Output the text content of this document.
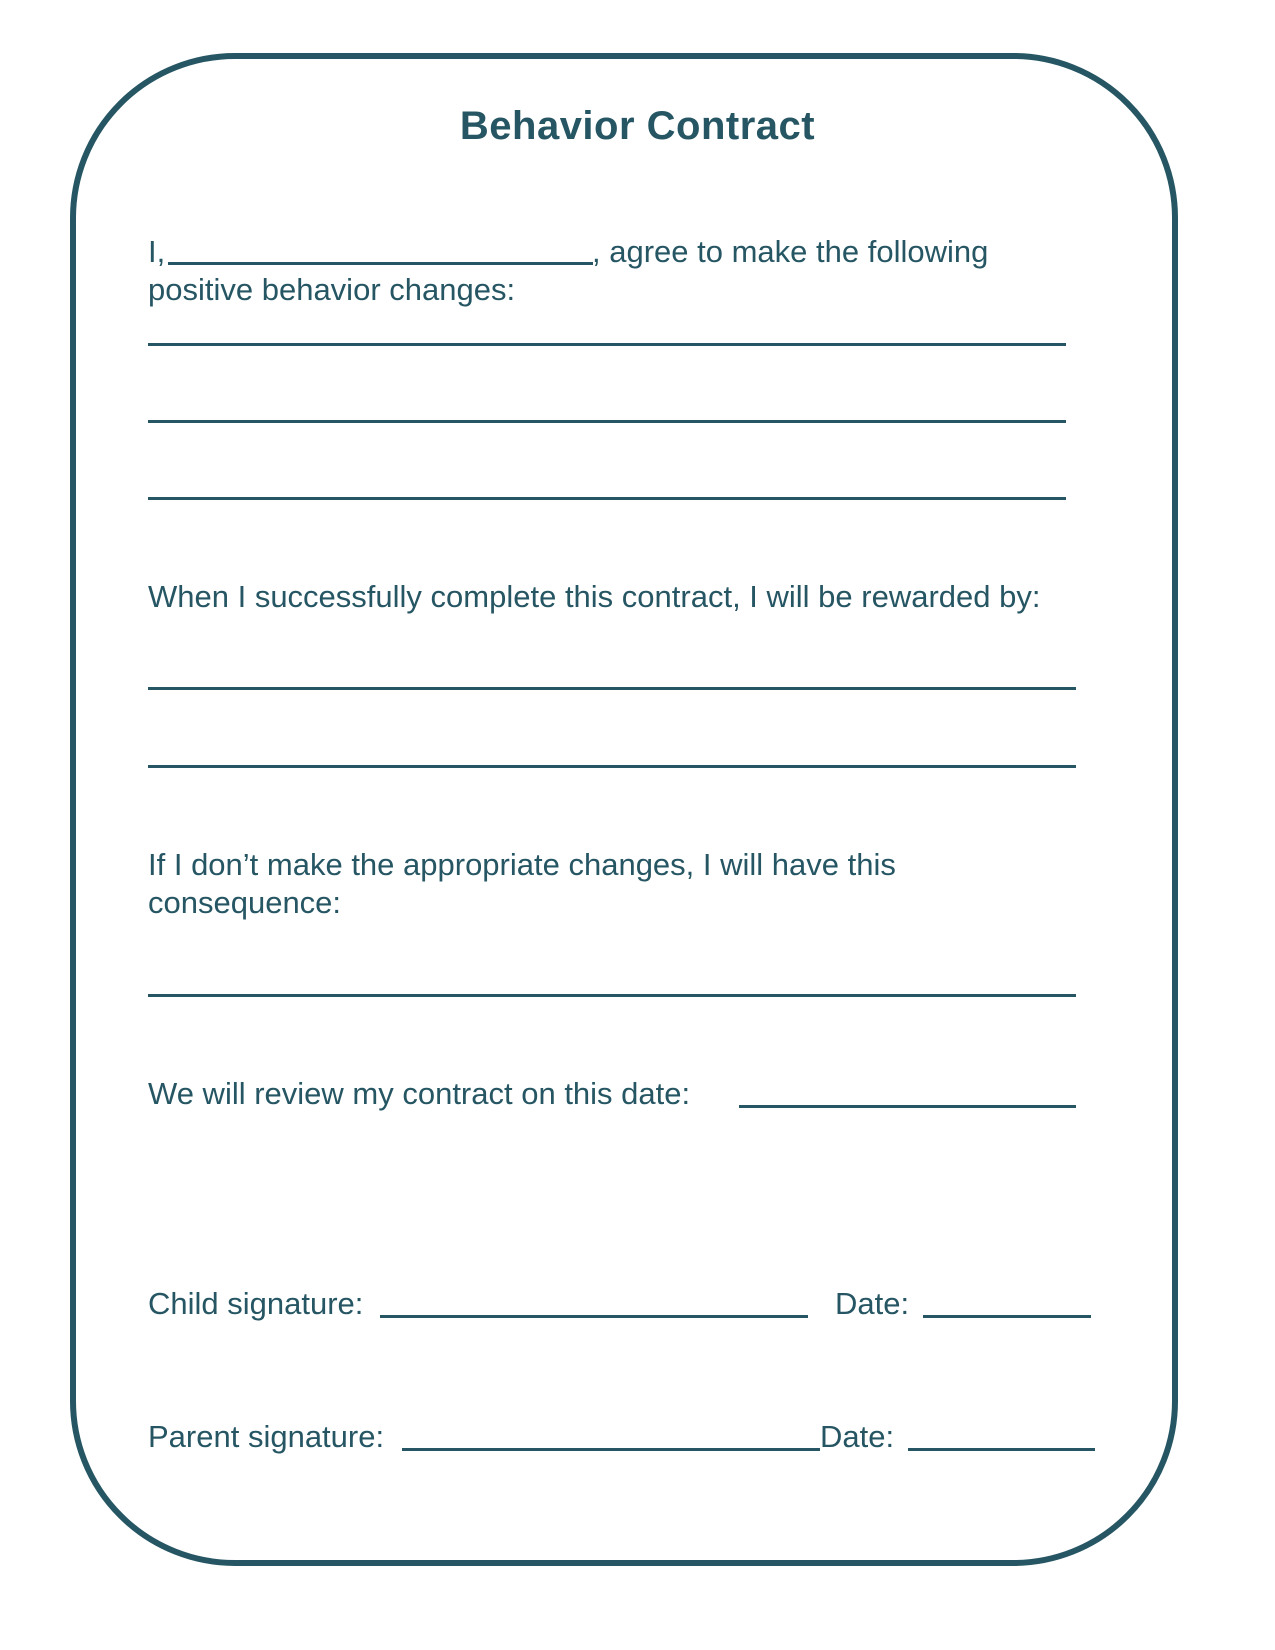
Behavior Contract
I,	, agree to make the following
positive behavior changes:
When I successfully complete this contract, I will be rewarded by:
If I don’t make the appropriate changes, I will have this
consequence:
We will review my contract on this date:
Child signature:	Date:
Parent signature:	Date:
